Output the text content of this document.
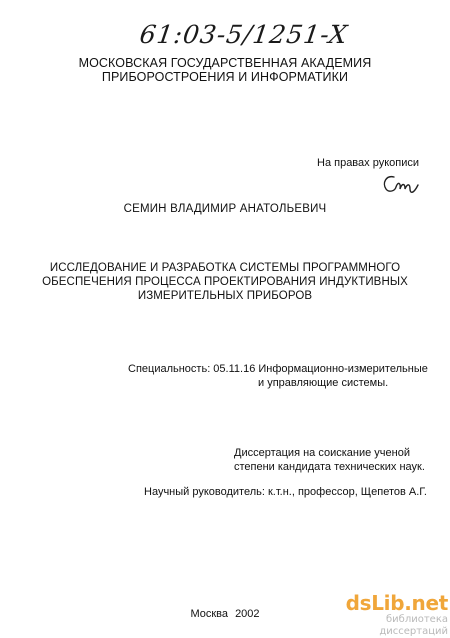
61:03-5/1251-X
МОСКОВСКАЯ ГОСУДАРСТВЕННАЯ АКАДЕМИЯ
ПРИБОРОСТРОЕНИЯ И ИНФОРМАТИКИ
На правах рукописи
СЕМИН ВЛАДИМИР АНАТОЛЬЕВИЧ
ИССЛЕДОВАНИЕ И РАЗРАБОТКА СИСТЕМЫ ПРОГРАММНОГО
ОБЕСПЕЧЕНИЯ ПРОЦЕССА ПРОЕКТИРОВАНИЯ ИНДУКТИВНЫХ
ИЗМЕРИТЕЛЬНЫХ ПРИБОРОВ
Специальность: 05.11.16 Информационно-измерительные
и управляющие системы.
Диссертация на соискание ученой
степени кандидата технических наук.
Научный руководитель: к.т.н., профессор, Щепетов А.Г.
Москва 2002	dsLib.net
библиотека диссертаций
